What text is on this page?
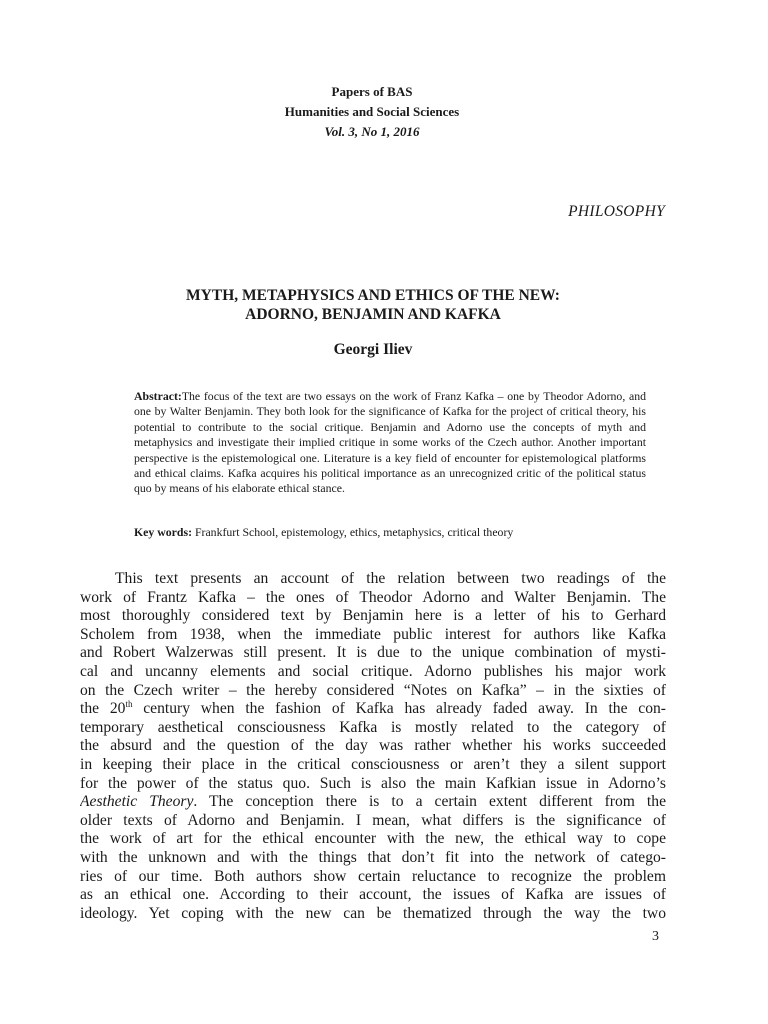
Papers of BAS
Humanities and Social Sciences
Vol. 3, No 1, 2016
PHILOSOPHY
MYTH, METAPHYSICS AND ETHICS OF THE NEW:
ADORNO, BENJAMIN AND KAFKA
Georgi Iliev
Abstract:The focus of the text are two essays on the work of Franz Kafka – one by Theodor Adorno, and one by Walter Benjamin. They both look for the significance of Kafka for the project of critical theory, his potential to contribute to the social critique. Benjamin and Adorno use the concepts of myth and metaphysics and investigate their implied critique in some works of the Czech author. Another important perspective is the epistemological one. Literature is a key field of encounter for epistemological platforms and ethical claims. Kafka acquires his political importance as an unrecognized critic of the political status quo by means of his elaborate ethical stance.
Key words: Frankfurt School, epistemology, ethics, metaphysics, critical theory
This text presents an account of the relation between two readings of the
work of Frantz Kafka – the ones of Theodor Adorno and Walter Benjamin. The
most thoroughly considered text by Benjamin here is a letter of his to Gerhard
Scholem from 1938, when the immediate public interest for authors like Kafka
and Robert Walzerwas still present. It is due to the unique combination of mysti-
cal and uncanny elements and social critique. Adorno publishes his major work
on the Czech writer – the hereby considered “Notes on Kafka” – in the sixties of
the 20th century when the fashion of Kafka has already faded away. In the con-
temporary aesthetical consciousness Kafka is mostly related to the category of
the absurd and the question of the day was rather whether his works succeeded
in keeping their place in the critical consciousness or aren’t they a silent support
for the power of the status quo. Such is also the main Kafkian issue in Adorno’s
Aesthetic Theory. The conception there is to a certain extent different from the
older texts of Adorno and Benjamin. I mean, what differs is the significance of
the work of art for the ethical encounter with the new, the ethical way to cope
with the unknown and with the things that don’t fit into the network of catego-
ries of our time. Both authors show certain reluctance to recognize the problem
as an ethical one. According to their account, the issues of Kafka are issues of
ideology. Yet coping with the new can be thematized through the way the two
3
